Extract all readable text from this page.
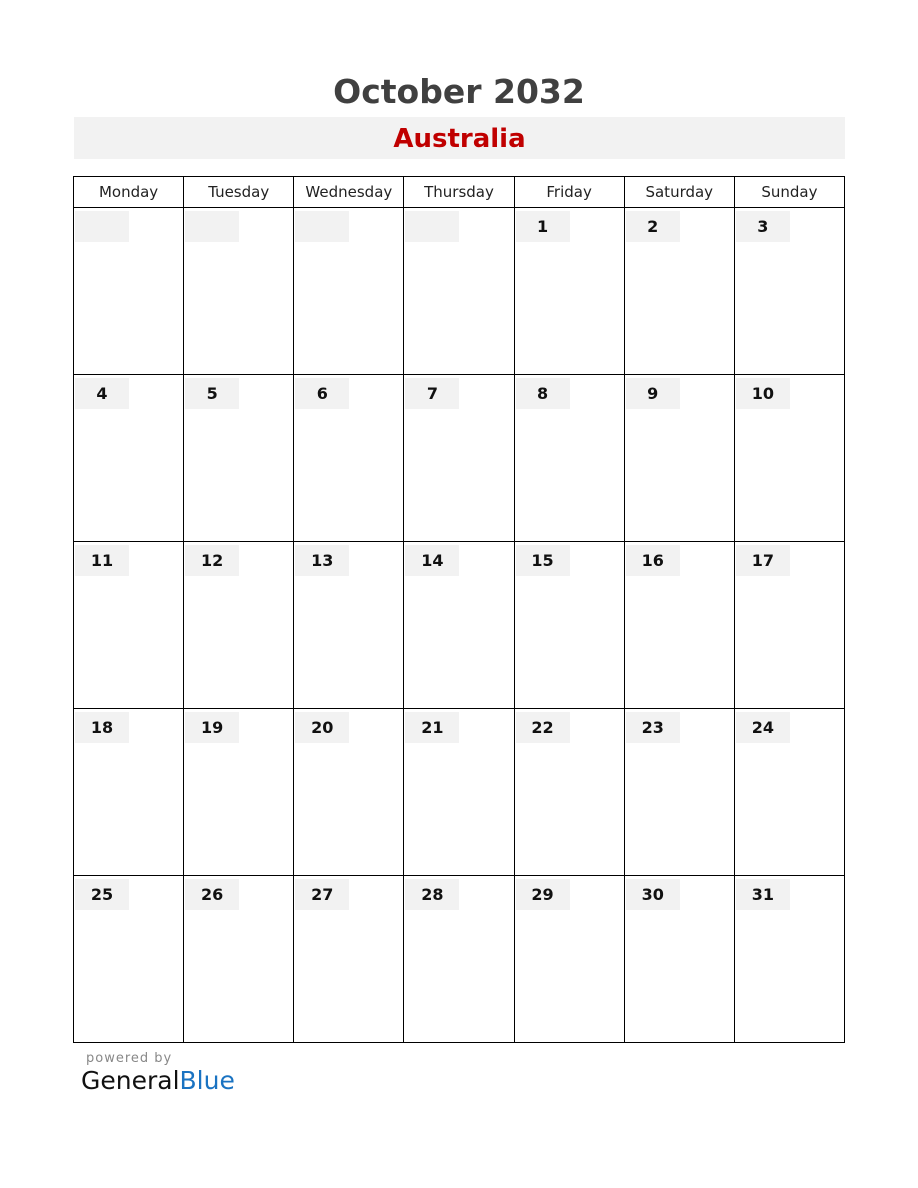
October 2032
Australia
Monday	Tuesday	Wednesday	Thursday	Friday	Saturday	Sunday

				1	2	3

4	5	6	7	8	9	10

11	12	13	14	15	16	17

18	19	20	21	22	23	24

25	26	27	28	29	30	31
powered by
GeneralBlue
